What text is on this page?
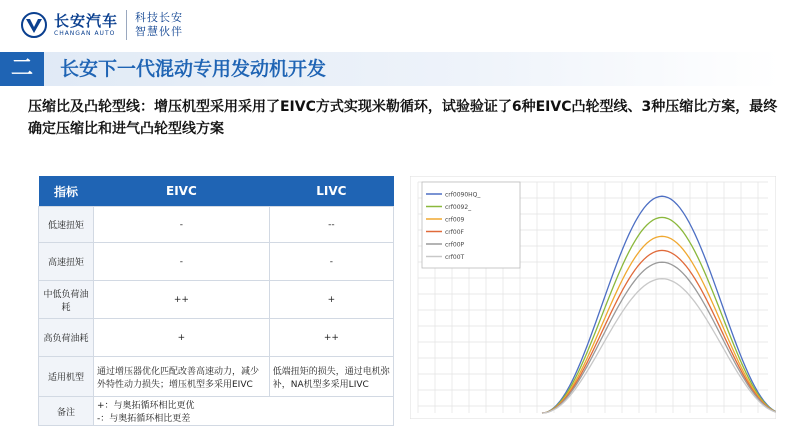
长安汽车
CHANGAN AUTO
科技长安
智慧伙伴
二	长安下一代混动专用发动机开发
压缩比及凸轮型线：增压机型采用采用了EIVC方式实现米勒循环，试验验证了6种EIVC凸轮型线、3种压缩比方案，最终确定压缩比和进气凸轮型线方案
指标	EIVC	LIVC
低速扭矩	-	--
高速扭矩	-	-
中低负荷油耗	++	+
高负荷油耗	+	++
适用机型	通过增压器优化匹配改善高速动力，减少外特性动力损失；增压机型多采用EIVC	低端扭矩的损失，通过电机弥补，NA机型多采用LIVC
备注	+：与奥拓循环相比更优
-：与奥拓循环相比更差	
crf0090HQ_
crf0092_
crf009
crf00F
crf00P
crf00T
